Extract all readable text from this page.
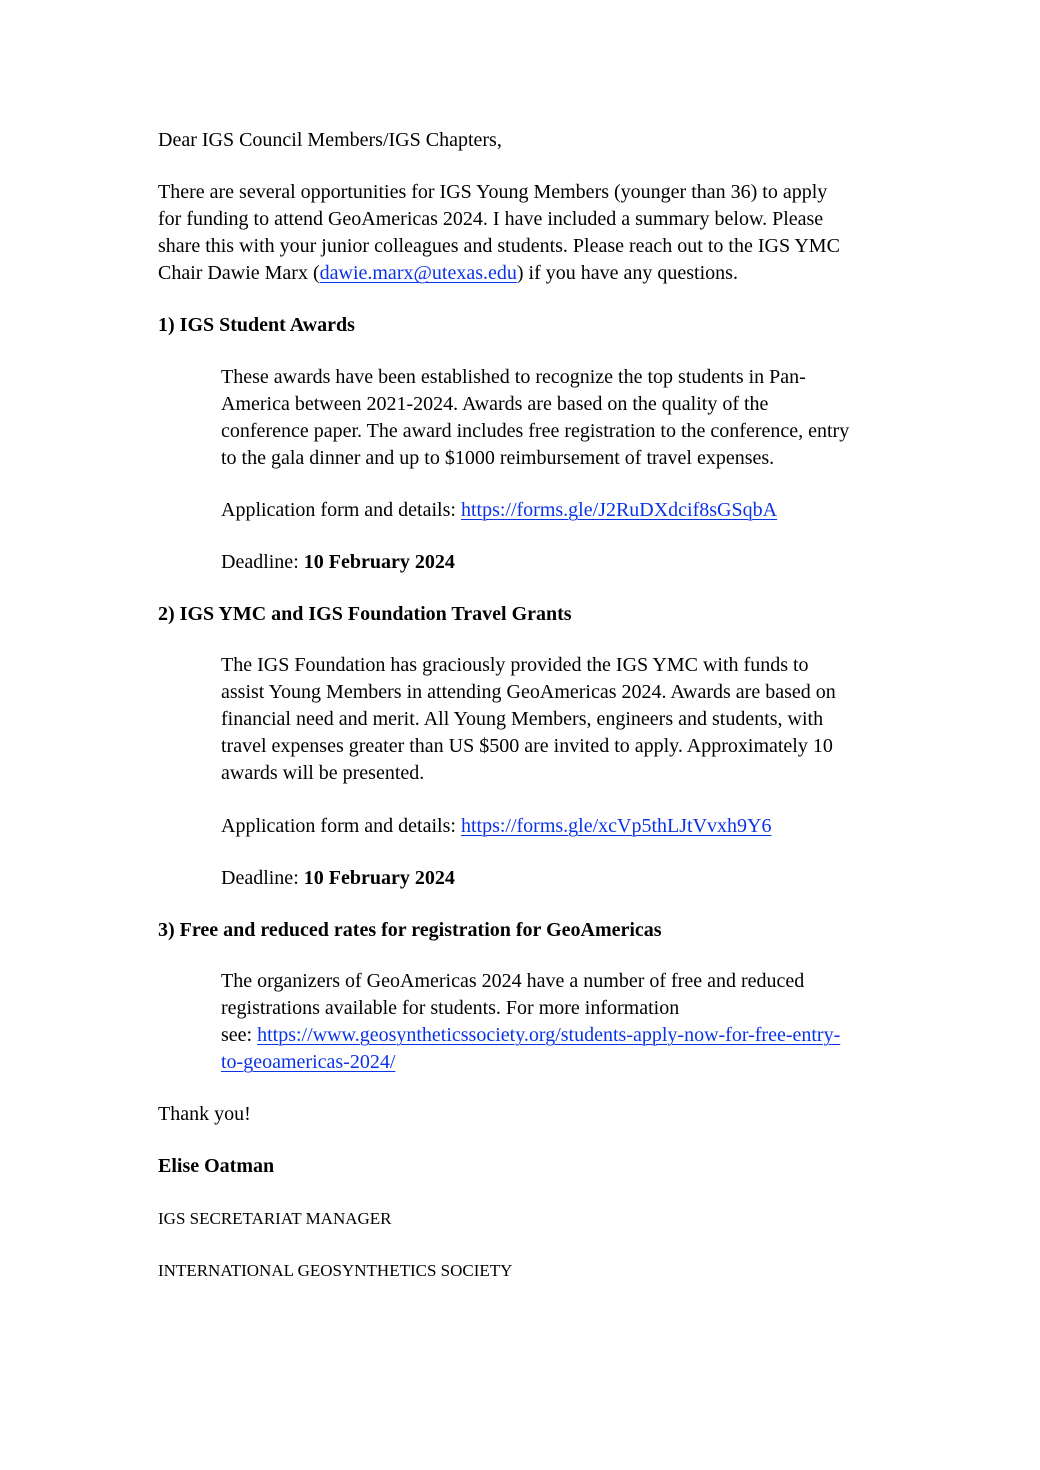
Dear IGS Council Members/IGS Chapters,
There are several opportunities for IGS Young Members (younger than 36) to apply
for funding to attend GeoAmericas 2024. I have included a summary below. Please
share this with your junior colleagues and students. Please reach out to the IGS YMC
Chair Dawie Marx (dawie.marx@utexas.edu) if you have any questions.
1) IGS Student Awards
These awards have been established to recognize the top students in Pan-
America between 2021-2024. Awards are based on the quality of the
conference paper. The award includes free registration to the conference, entry
to the gala dinner and up to $1000 reimbursement of travel expenses.
Application form and details: https://forms.gle/J2RuDXdcif8sGSqbA
Deadline: 10 February 2024
2) IGS YMC and IGS Foundation Travel Grants
The IGS Foundation has graciously provided the IGS YMC with funds to
assist Young Members in attending GeoAmericas 2024. Awards are based on
financial need and merit. All Young Members, engineers and students, with
travel expenses greater than US $500 are invited to apply. Approximately 10
awards will be presented.
Application form and details: https://forms.gle/xcVp5thLJtVvxh9Y6
Deadline: 10 February 2024
3) Free and reduced rates for registration for GeoAmericas
The organizers of GeoAmericas 2024 have a number of free and reduced
registrations available for students. For more information
see: https://www.geosyntheticssociety.org/students-apply-now-for-free-entry-
to-geoamericas-2024/
Thank you!
Elise Oatman
IGS SECRETARIAT MANAGER
INTERNATIONAL GEOSYNTHETICS SOCIETY
